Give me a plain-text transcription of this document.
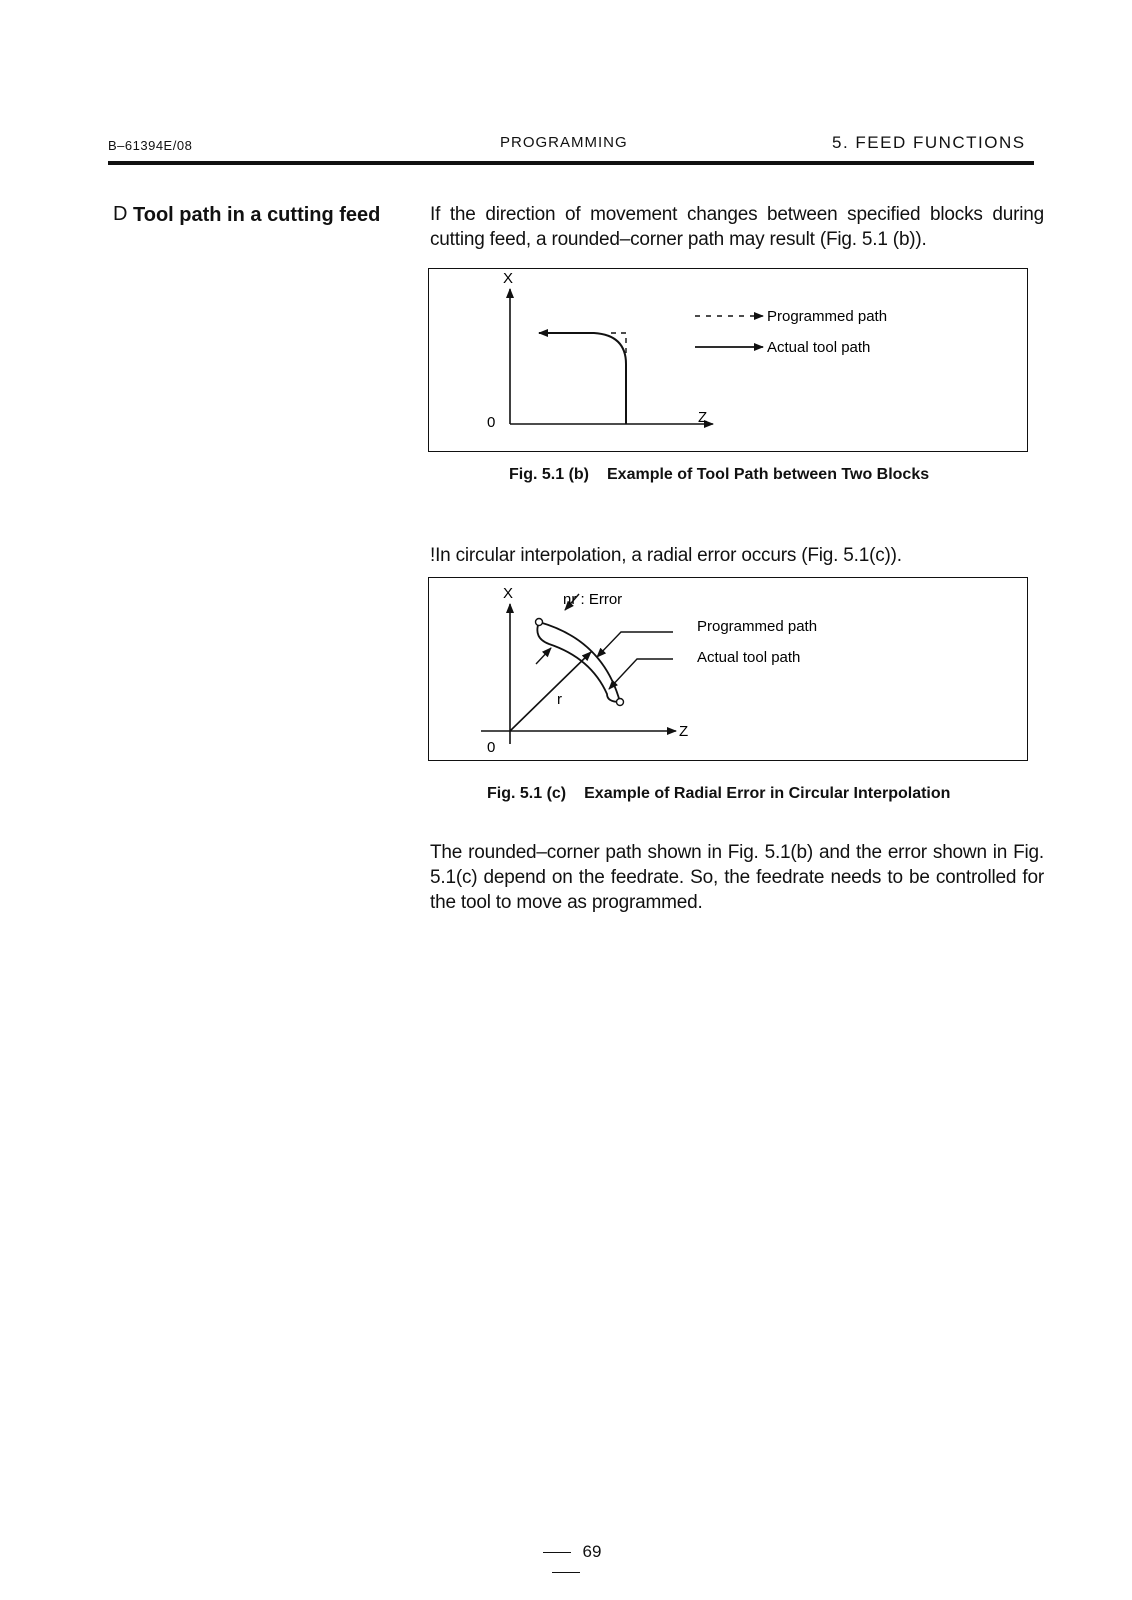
B–61394E/08	PROGRAMMING	5. FEED FUNCTIONS
D Tool path in a cutting feed	If the direction of movement changes between specified blocks during cutting feed, a rounded–corner path may result (Fig. 5.1 (b)).
X
Z
0
Programmed path
Actual tool path
Fig. 5.1 (b) Example of Tool Path between Two Blocks
!In circular interpolation, a radial error occurs (Fig. 5.1(c)).
X
Z
0
nr : Error
r
Programmed path
Actual tool path
Fig. 5.1 (c) Example of Radial Error in Circular Interpolation
The rounded–corner path shown in Fig. 5.1(b) and the error shown in Fig. 5.1(c) depend on the feedrate. So, the feedrate needs to be controlled for the tool to move as programmed.
69
